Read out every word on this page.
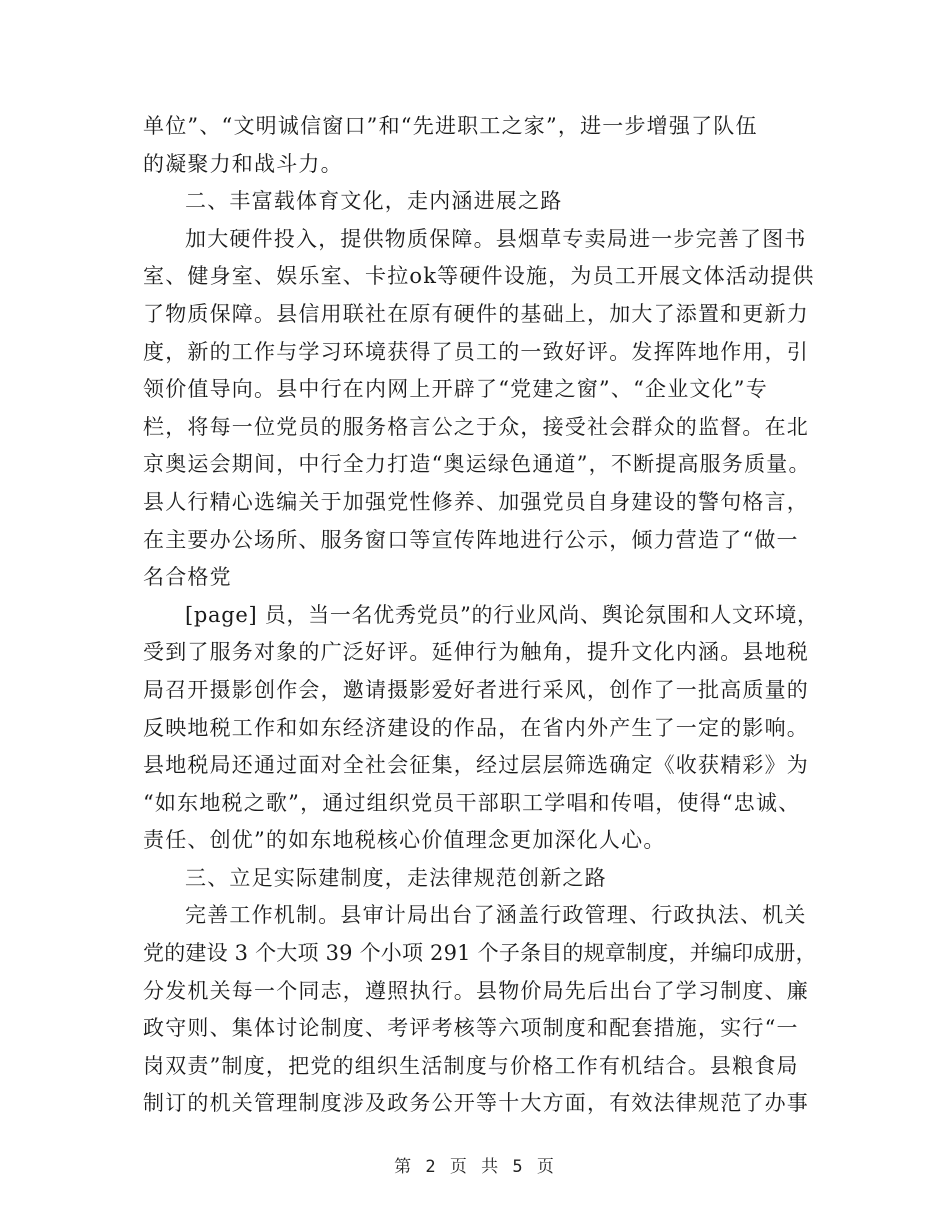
单位”、“文明诚信窗口”和“先进职工之家”，进一步增强了队伍
的凝聚力和战斗力。
二、丰富载体育文化，走内涵进展之路
加大硬件投入，提供物质保障。县烟草专卖局进一步完善了图书
室、健身室、娱乐室、卡拉ok等硬件设施，为员工开展文体活动提供
了物质保障。县信用联社在原有硬件的基础上，加大了添置和更新力
度，新的工作与学习环境获得了员工的一致好评。发挥阵地作用，引
领价值导向。县中行在内网上开辟了“党建之窗”、“企业文化”专
栏，将每一位党员的服务格言公之于众，接受社会群众的监督。在北
京奥运会期间，中行全力打造“奥运绿色通道”，不断提高服务质量。
县人行精心选编关于加强党性修养、加强党员自身建设的警句格言，
在主要办公场所、服务窗口等宣传阵地进行公示，倾力营造了“做一
名合格党
[page] 员，当一名优秀党员”的行业风尚、舆论氛围和人文环境，
受到了服务对象的广泛好评。延伸行为触角，提升文化内涵。县地税
局召开摄影创作会，邀请摄影爱好者进行采风，创作了一批高质量的
反映地税工作和如东经济建设的作品，在省内外产生了一定的影响。
县地税局还通过面对全社会征集，经过层层筛选确定《收获精彩》为
“如东地税之歌”，通过组织党员干部职工学唱和传唱，使得“忠诚、
责任、创优”的如东地税核心价值理念更加深化人心。
三、立足实际建制度，走法律规范创新之路
完善工作机制。县审计局出台了涵盖行政管理、行政执法、机关
党的建设 3 个大项 39 个小项 291 个子条目的规章制度，并编印成册，
分发机关每一个同志，遵照执行。县物价局先后出台了学习制度、廉
政守则、集体讨论制度、考评考核等六项制度和配套措施，实行“一
岗双责”制度，把党的组织生活制度与价格工作有机结合。县粮食局
制订的机关管理制度涉及政务公开等十大方面，有效法律规范了办事
第 2 页 共 5 页
